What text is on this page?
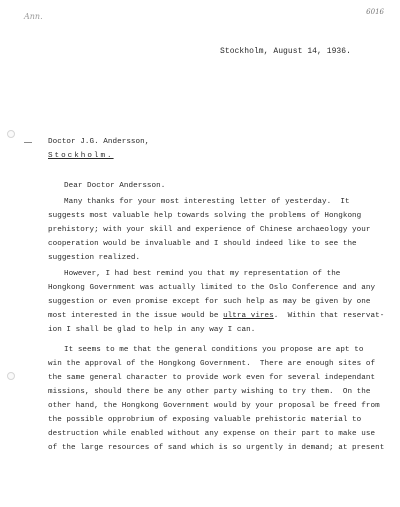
Ann.	6016
Stockholm, August 14, 1936.
Doctor J.G. Andersson,
Stockholm.
Dear Doctor Andersson.
Many thanks for your most interesting letter of yesterday.  It
suggests most valuable help towards solving the problems of Hongkong
prehistory; with your skill and experience of Chinese archaeology your
cooperation would be invaluable and I should indeed like to see the
suggestion realized.
However, I had best remind you that my representation of the
Hongkong Government was actually limited to the Oslo Conference and any
suggestion or even promise except for such help as may be given by one
most interested in the issue would be ultra vires.  Within that reservat-
ion I shall be glad to help in any way I can.
It seems to me that the general conditions you propose are apt to
win the approval of the Hongkong Government.  There are enough sites of
the same general character to provide work even for several independant
missions, should there be any other party wishing to try them.  On the
other hand, the Hongkong Government would by your proposal be freed from
the possible opprobrium of exposing valuable prehistoric material to
destruction while enabled without any expense on their part to make use
of the large resources of sand which is so urgently in demand; at present
